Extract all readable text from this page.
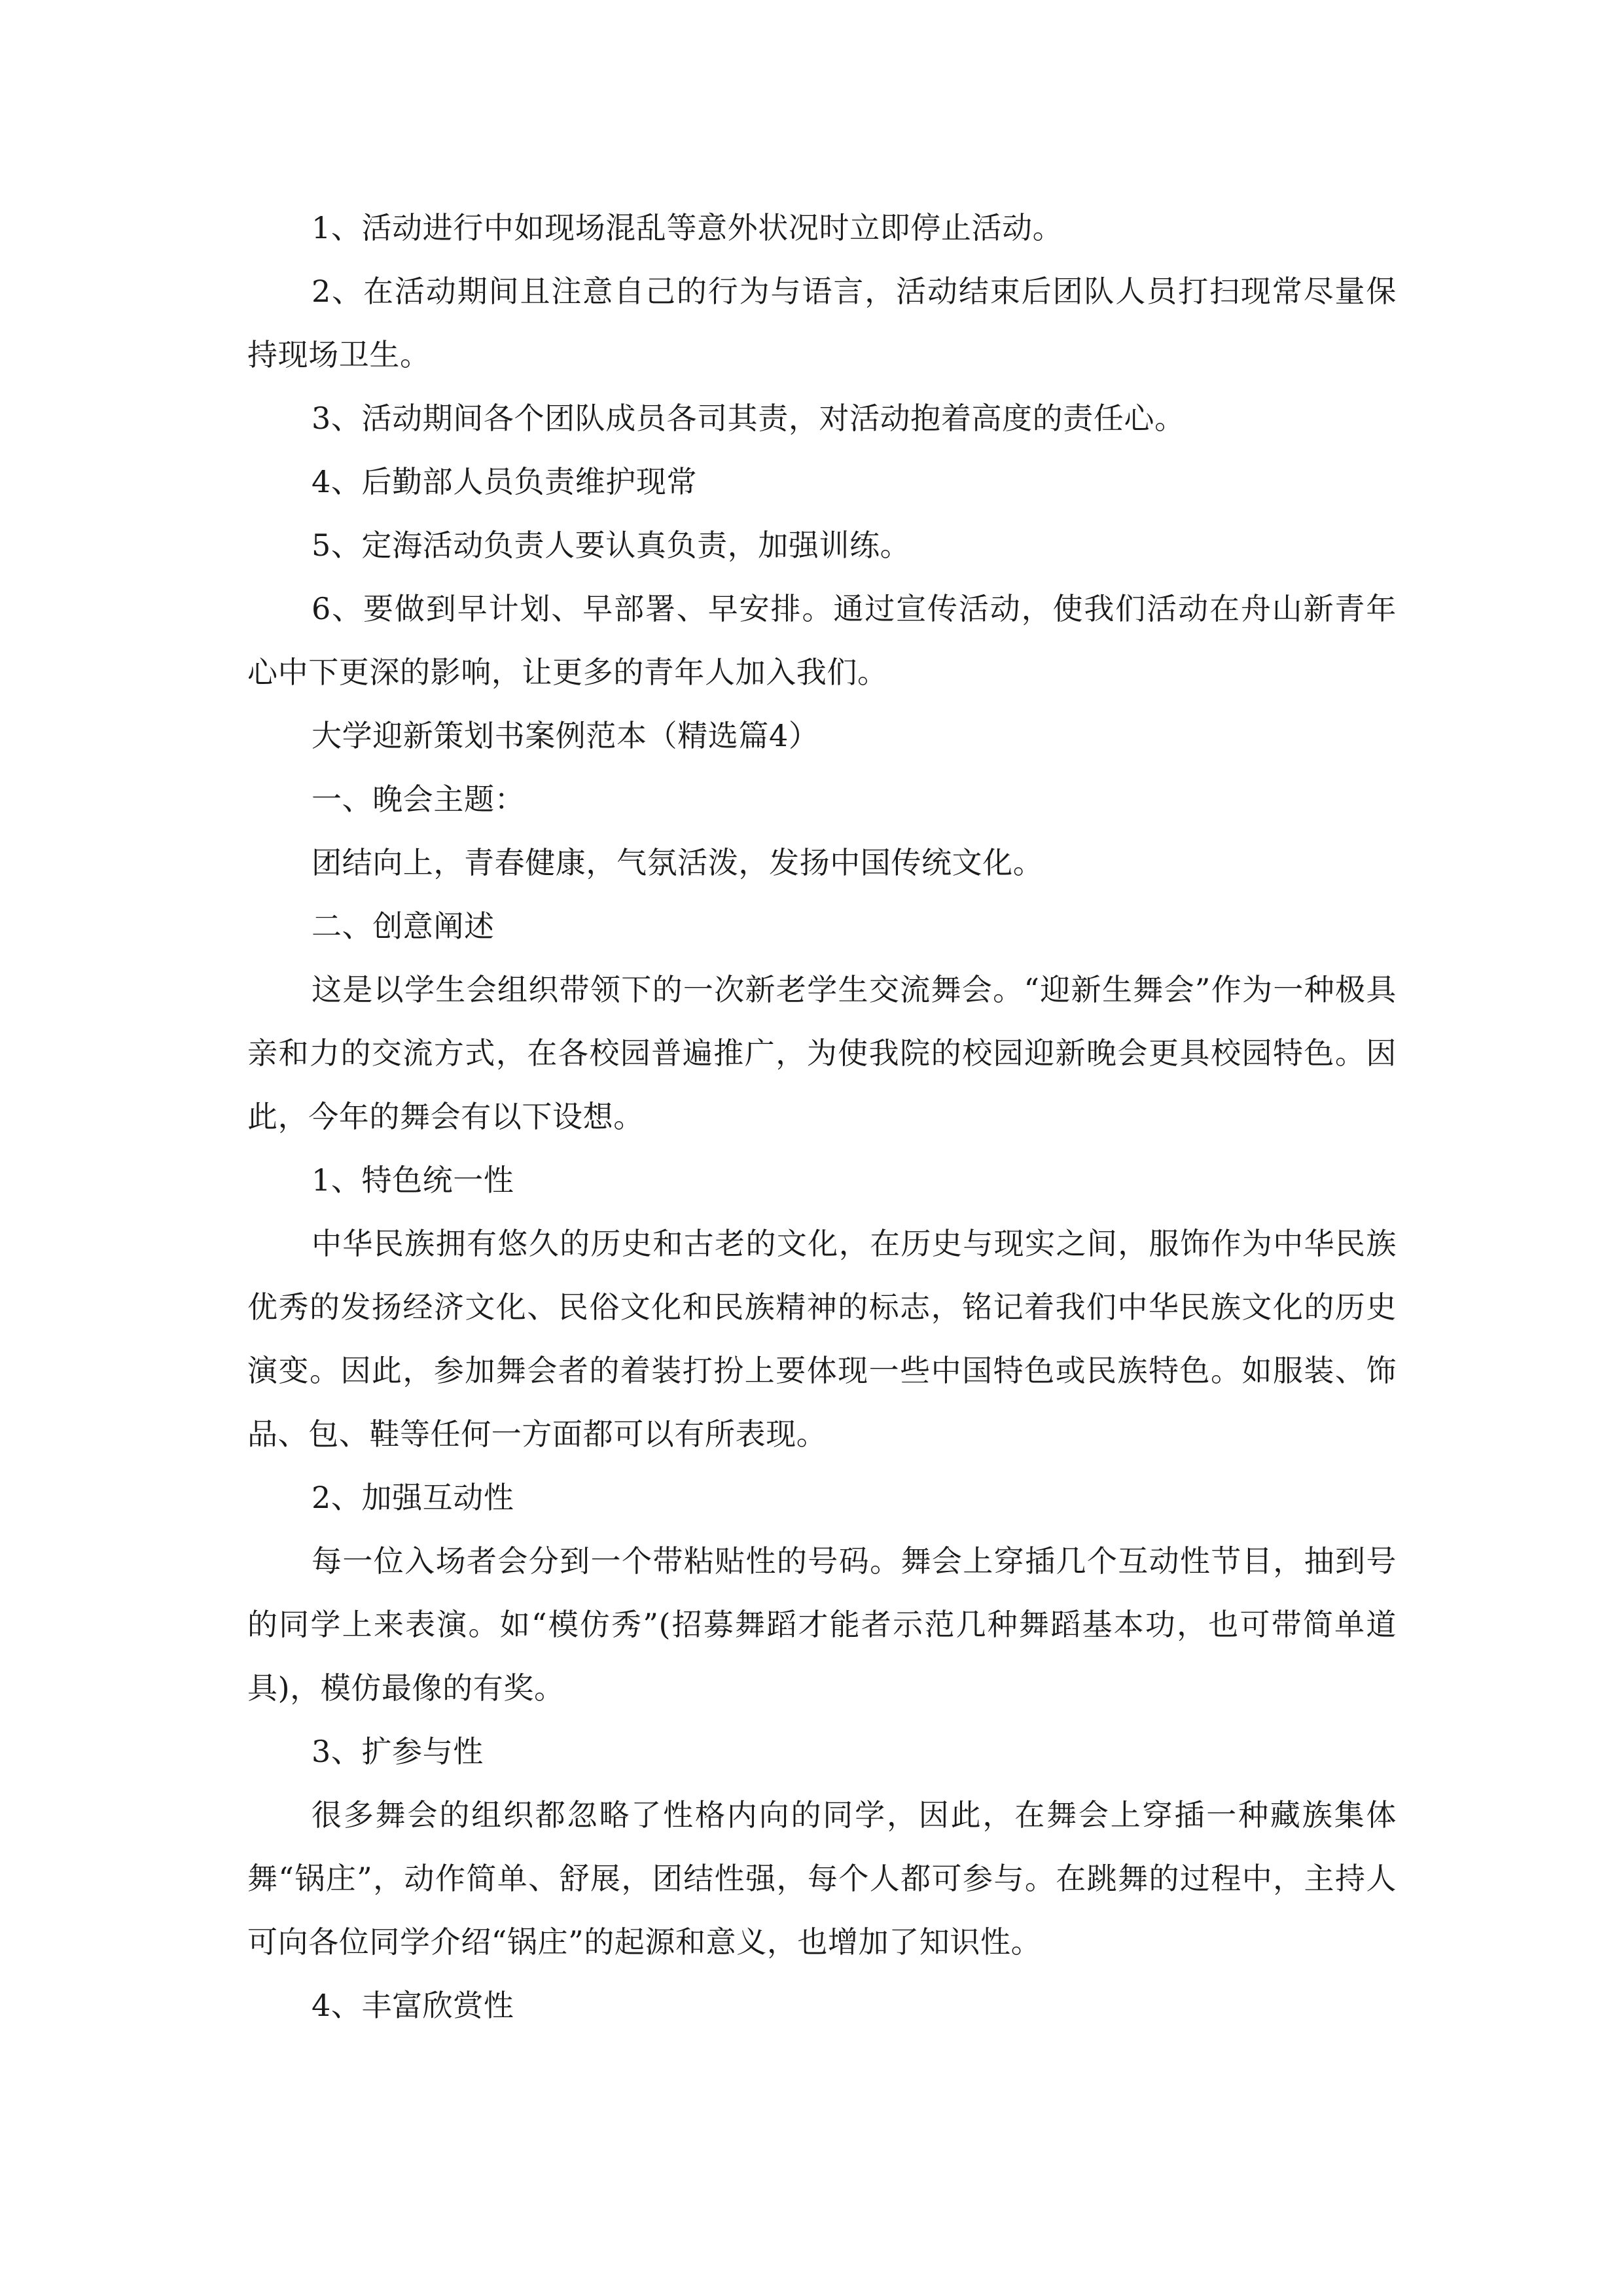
1、活动进行中如现场混乱等意外状况时立即停止活动。

2、在活动期间且注意自己的行为与语言，活动结束后团队人员打扫现常尽量保持现场卫生。

3、活动期间各个团队成员各司其责，对活动抱着高度的责任心。

4、后勤部人员负责维护现常

5、定海活动负责人要认真负责，加强训练。

6、要做到早计划、早部署、早安排。通过宣传活动，使我们活动在舟山新青年心中下更深的影响，让更多的青年人加入我们。

大学迎新策划书案例范本（精选篇4）

一、晚会主题：

团结向上，青春健康，气氛活泼，发扬中国传统文化。

二、创意阐述

这是以学生会组织带领下的一次新老学生交流舞会。“迎新生舞会”作为一种极具亲和力的交流方式，在各校园普遍推广，为使我院的校园迎新晚会更具校园特色。因此，今年的舞会有以下设想。

1、特色统一性

中华民族拥有悠久的历史和古老的文化，在历史与现实之间，服饰作为中华民族优秀的发扬经济文化、民俗文化和民族精神的标志，铭记着我们中华民族文化的历史演变。因此，参加舞会者的着装打扮上要体现一些中国特色或民族特色。如服装、饰品、包、鞋等任何一方面都可以有所表现。

2、加强互动性

每一位入场者会分到一个带粘贴性的号码。舞会上穿插几个互动性节目，抽到号的同学上来表演。如“模仿秀”(招募舞蹈才能者示范几种舞蹈基本功，也可带简单道具)，模仿最像的有奖。

3、扩参与性

很多舞会的组织都忽略了性格内向的同学，因此，在舞会上穿插一种藏族集体舞“锅庄”，动作简单、舒展，团结性强，每个人都可参与。在跳舞的过程中，主持人可向各位同学介绍“锅庄”的起源和意义，也增加了知识性。

4、丰富欣赏性
